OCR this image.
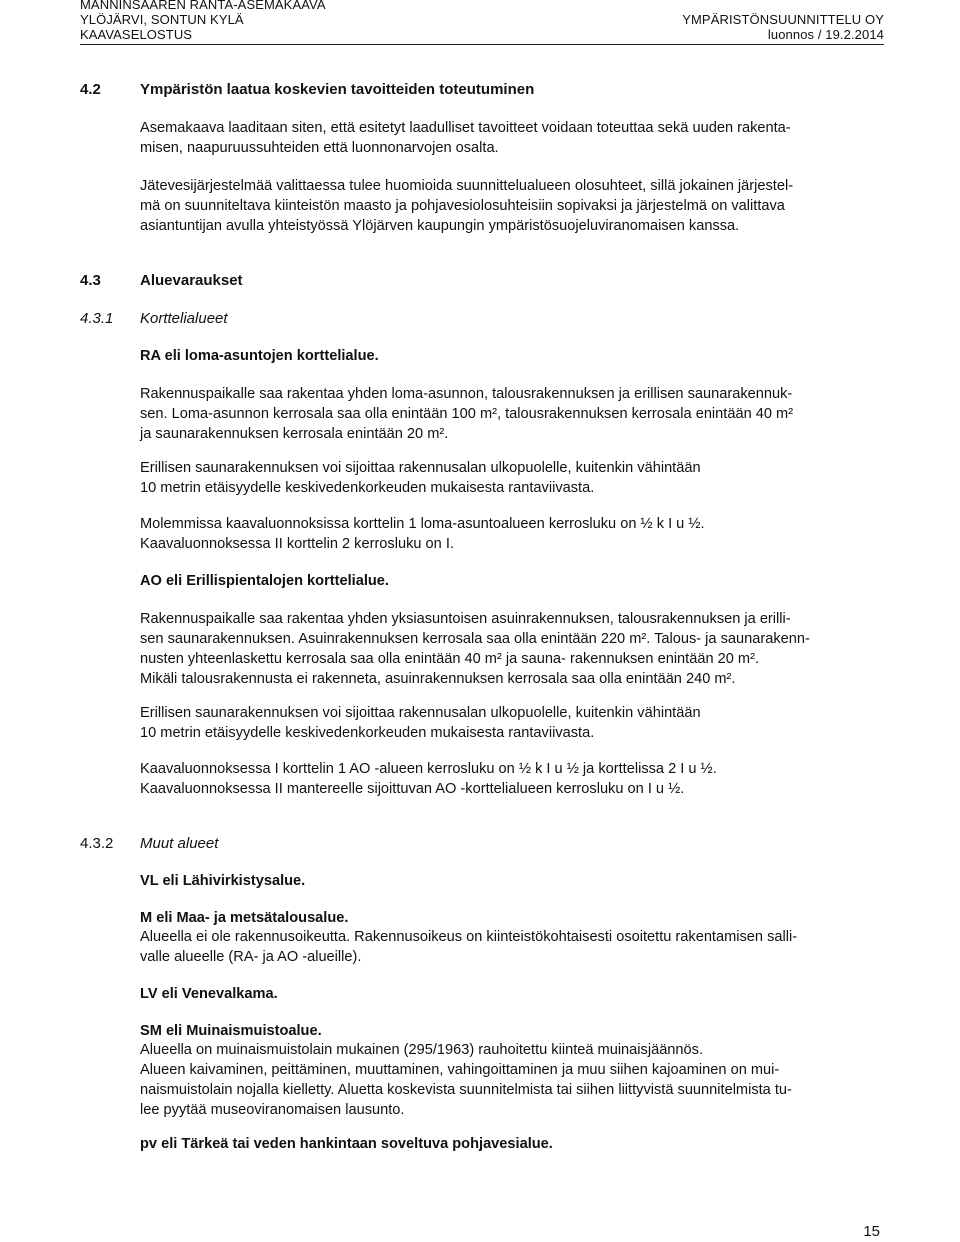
MANNINSAAREN RANTA-ASEMAKAAVA
YLÖJÄRVI, SONTUN KYLÄ
KAAVASELOSTUS
YMPÄRISTÖNSUUNNITTELU OY
luonnos / 19.2.2014
4.2	Ympäristön laatua koskevien tavoitteiden toteutuminen
Asemakaava laaditaan siten, että esitetyt laadulliset tavoitteet voidaan toteuttaa sekä uuden rakenta-
misen, naapuruussuhteiden että luonnonarvojen osalta.
Jätevesijärjestelmää valittaessa tulee huomioida suunnittelualueen olosuhteet, sillä jokainen järjestel-
mä on suunniteltava kiinteistön maasto ja pohjavesiolosuhteisiin sopivaksi ja järjestelmä on valittava
asiantuntijan avulla yhteistyössä Ylöjärven kaupungin ympäristösuojeluviranomaisen kanssa.
4.3	Aluevaraukset
4.3.1 Korttelialueet
RA eli loma-asuntojen korttelialue.
Rakennuspaikalle saa rakentaa yhden loma-asunnon, talousrakennuksen ja erillisen saunarakennuk-
sen. Loma-asunnon kerrosala saa olla enintään 100 m², talousrakennuksen kerrosala enintään 40 m²
ja saunarakennuksen kerrosala enintään 20 m².
Erillisen saunarakennuksen voi sijoittaa rakennusalan ulkopuolelle, kuitenkin vähintään
10 metrin etäisyydelle keskivedenkorkeuden mukaisesta rantaviivasta.
Molemmissa kaavaluonnoksissa korttelin 1 loma-asuntoalueen kerrosluku on ½ k I u ½.
Kaavaluonnoksessa II korttelin 2 kerrosluku on I.
AO eli Erillispientalojen korttelialue.
Rakennuspaikalle saa rakentaa yhden yksiasuntoisen asuinrakennuksen, talousrakennuksen ja erilli-
sen saunarakennuksen. Asuinrakennuksen kerrosala saa olla enintään 220 m². Talous- ja saunarakenn-
nusten yhteenlaskettu kerrosala saa olla enintään 40 m² ja sauna- rakennuksen enintään 20 m².
Mikäli talousrakennusta ei rakenneta, asuinrakennuksen kerrosala saa olla enintään 240 m².
Erillisen saunarakennuksen voi sijoittaa rakennusalan ulkopuolelle, kuitenkin vähintään
10 metrin etäisyydelle keskivedenkorkeuden mukaisesta rantaviivasta.
Kaavaluonnoksessa I korttelin 1 AO -alueen kerrosluku on ½ k I u ½ ja korttelissa 2 I u ½.
Kaavaluonnoksessa II mantereelle sijoittuvan AO -korttelialueen kerrosluku on I u ½.
4.3.2 Muut alueet
VL eli Lähivirkistysalue.
M eli Maa- ja metsätalousalue.
Alueella ei ole rakennusoikeutta. Rakennusoikeus on kiinteistökohtaisesti osoitettu rakentamisen salli-
valle alueelle (RA- ja AO -alueille).
LV eli Venevalkama.
SM eli Muinaismuistoalue.
Alueella on muinaismuistolain mukainen (295/1963) rauhoitettu kiinteä muinaisjäännös.
Alueen kaivaminen, peittäminen, muuttaminen, vahingoittaminen ja muu siihen kajoaminen on mui-
naismuistolain nojalla kielletty. Aluetta koskevista suunnitelmista tai siihen liittyvistä suunnitelmista tu-
lee pyytää museoviranomaisen lausunto.
pv eli Tärkeä tai veden hankintaan soveltuva pohjavesialue.
15
